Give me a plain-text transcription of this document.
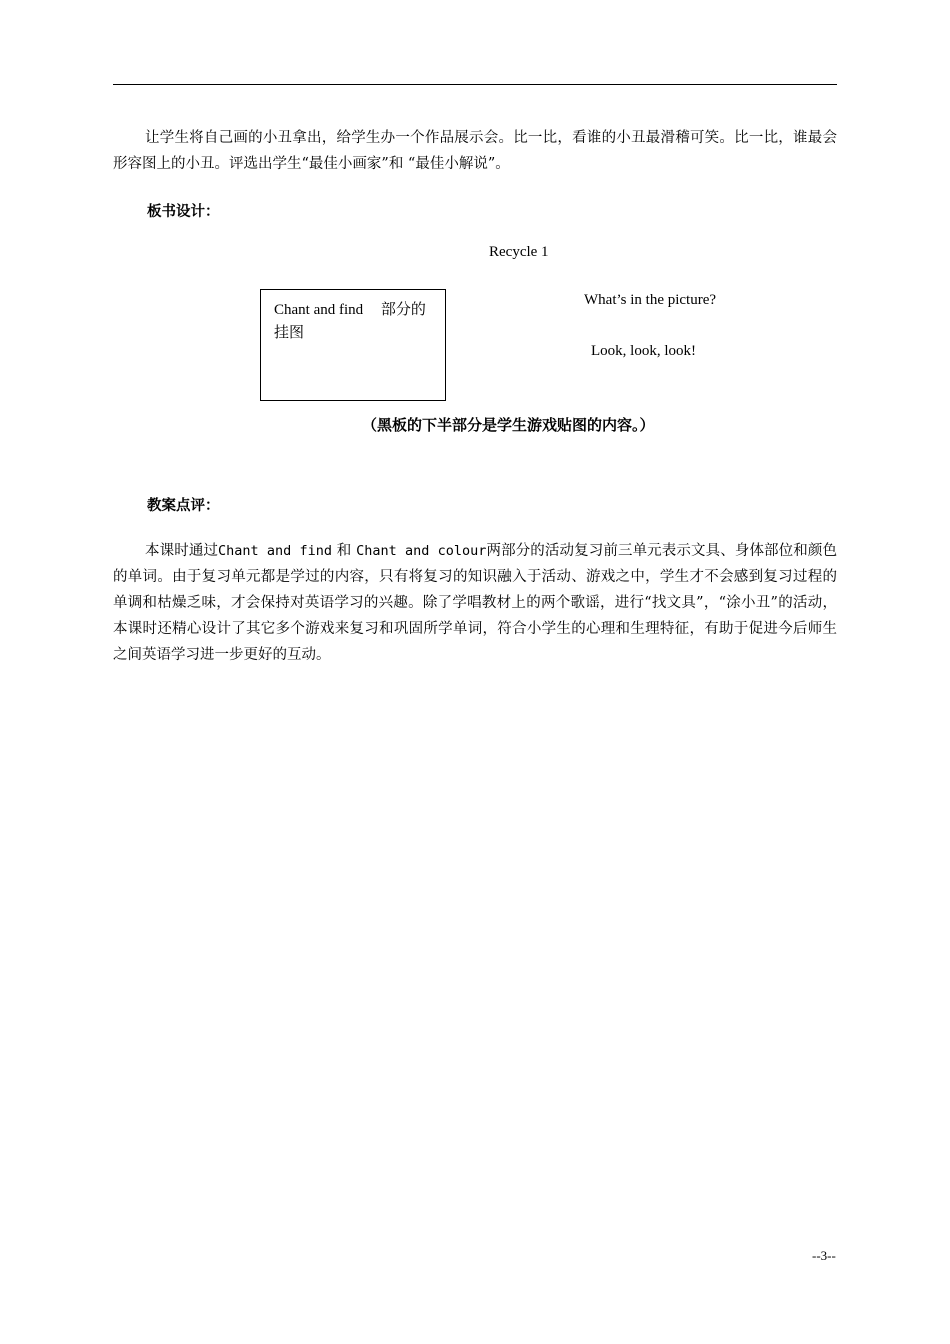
让学生将自己画的小丑拿出，给学生办一个作品展示会。比一比，看谁的小丑最滑稽可笑。比一比，谁最会形容图上的小丑。评选出学生“最佳小画家”和 “最佳小解说”。

板书设计：

Recycle 1
Chant and find 部分的挂图
What’s in the picture?
Look, look, look!
（黑板的下半部分是学生游戏贴图的内容。）

教案点评：

本课时通过Chant and find 和 Chant and colour两部分的活动复习前三单元表示文具、身体部位和颜色的单词。由于复习单元都是学过的内容，只有将复习的知识融入于活动、游戏之中，学生才不会感到复习过程的单调和枯燥乏味，才会保持对英语学习的兴趣。除了学唱教材上的两个歌谣，进行“找文具”，“涂小丑”的活动，本课时还精心设计了其它多个游戏来复习和巩固所学单词，符合小学生的心理和生理特征，有助于促进今后师生之间英语学习进一步更好的互动。

--3--
